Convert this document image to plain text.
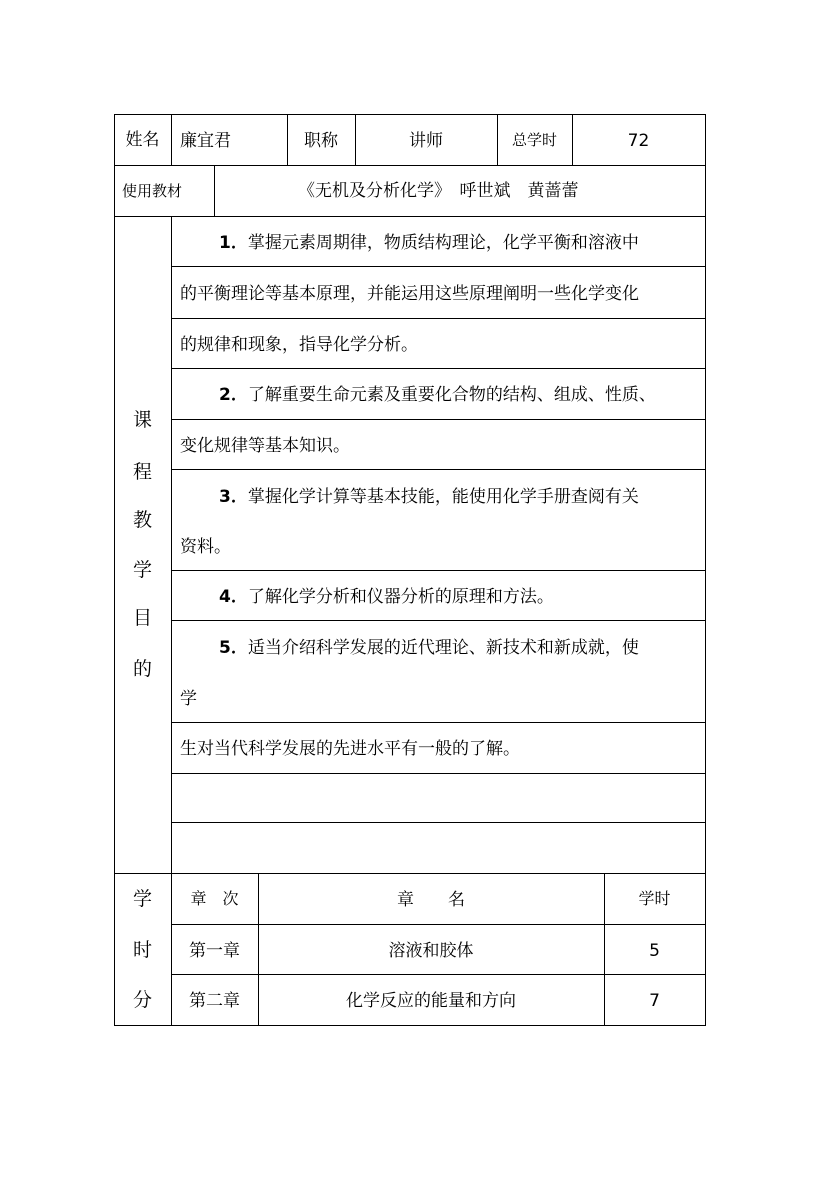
姓名	廉宜君	职称	讲师	总学时	72
使用教材	《无机及分析化学》　呼世斌　黄蔷蕾
课
程
教
学
目
的
1．掌握元素周期律，物质结构理论，化学平衡和溶液中
的平衡理论等基本原理，并能运用这些原理阐明一些化学变化
的规律和现象，指导化学分析。
2．了解重要生命元素及重要化合物的结构、组成、性质、
变化规律等基本知识。
3．掌握化学计算等基本技能，能使用化学手册查阅有关
资料。
4．了解化学分析和仪器分析的原理和方法。
5．适当介绍科学发展的近代理论、新技术和新成就，使
学
生对当代科学发展的先进水平有一般的了解。
学
时
分
章　次	章　　名	学时
第一章	溶液和胶体	5
第二章	化学反应的能量和方向	7
